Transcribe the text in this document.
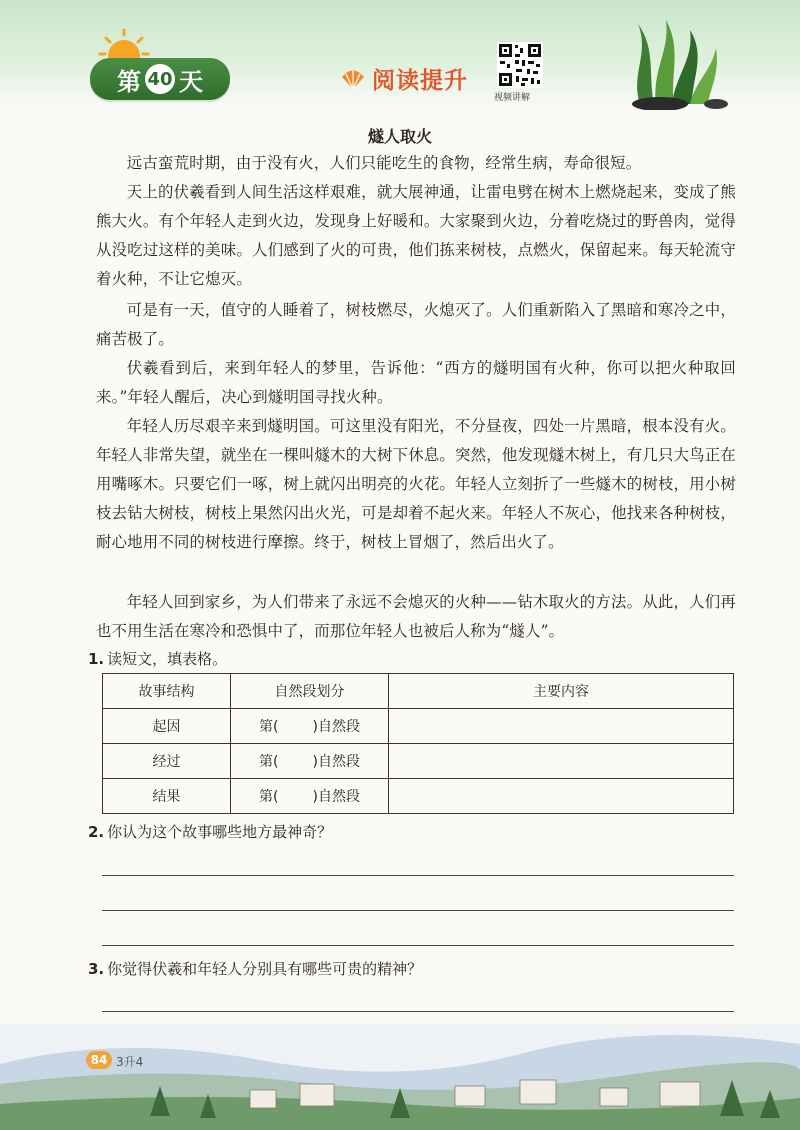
第 40 天	阅读提升
视频讲解
燧人取火

远古蛮荒时期，由于没有火，人们只能吃生的食物，经常生病，寿命很短。

天上的伏羲看到人间生活这样艰难，就大展神通，让雷电劈在树木上燃烧起来，变成了熊熊大火。有个年轻人走到火边，发现身上好暖和。大家聚到火边，分着吃烧过的野兽肉，觉得从没吃过这样的美味。人们感到了火的可贵，他们拣来树枝，点燃火，保留起来。每天轮流守着火种，不让它熄灭。

可是有一天，值守的人睡着了，树枝燃尽，火熄灭了。人们重新陷入了黑暗和寒冷之中，痛苦极了。

伏羲看到后，来到年轻人的梦里，告诉他：“西方的燧明国有火种，你可以把火种取回来。”年轻人醒后，决心到燧明国寻找火种。

年轻人历尽艰辛来到燧明国。可这里没有阳光，不分昼夜，四处一片黑暗，根本没有火。年轻人非常失望，就坐在一棵叫燧木的大树下休息。突然，他发现燧木树上，有几只大鸟正在用嘴啄木。只要它们一啄，树上就闪出明亮的火花。年轻人立刻折了一些燧木的树枝，用小树枝去钻大树枝，树枝上果然闪出火光，可是却着不起火来。年轻人不灰心，他找来各种树枝，耐心地用不同的树枝进行摩擦。终于，树枝上冒烟了，然后出火了。

年轻人回到家乡，为人们带来了永远不会熄灭的火种——钻木取火的方法。从此，人们再也不用生活在寒冷和恐惧中了，而那位年轻人也被后人称为“燧人”。

1. 读短文，填表格。
故事结构	自然段划分	主要内容
起因	第( )自然段	
经过	第( )自然段	
结果	第( )自然段	
2. 你认为这个故事哪些地方最神奇？
3. 你觉得伏羲和年轻人分别具有哪些可贵的精神？
84 3升4
